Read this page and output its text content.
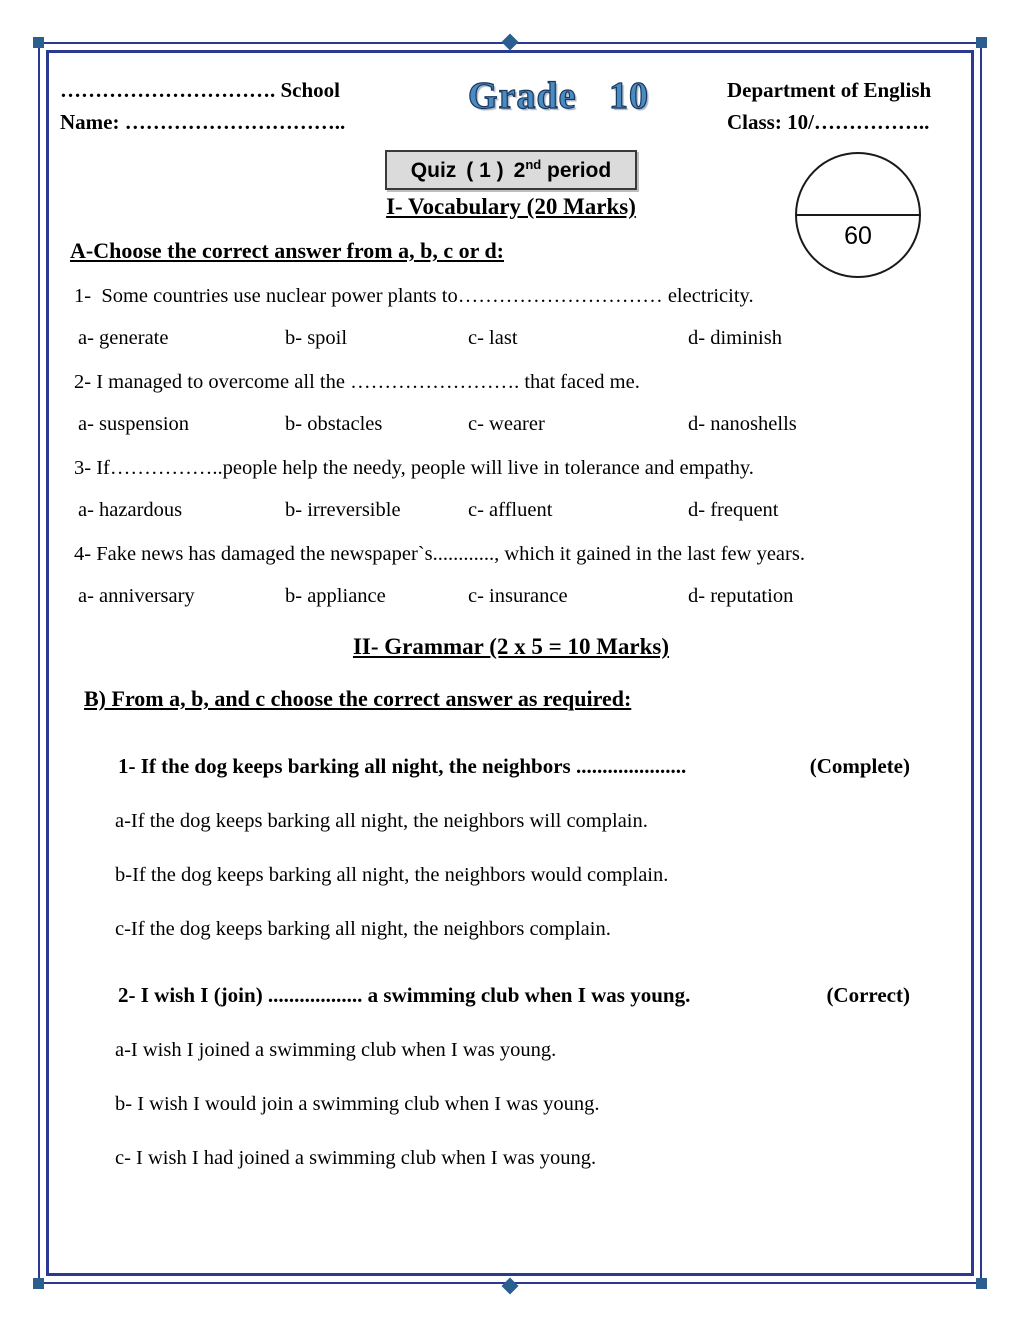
60
…………………………. School
Name: …………………………..
Grade 10	Department of English
Class: 10/……………..
Quiz ( 1 ) 2nd period
I- Vocabulary (20 Marks)
A-Choose the correct answer from a, b, c or d:
1-  Some countries use nuclear power plants to………………………… electricity.
a- generate	b- spoil	c- last	d- diminish
2- I managed to overcome all the ……………………. that faced me.
a- suspension	b- obstacles	c- wearer	d- nanoshells
3- If……………..people help the needy, people will live in tolerance and empathy.
a- hazardous	b- irreversible	c- affluent	d- frequent
4- Fake news has damaged the newspaper`s............, which it gained in the last few years.
a- anniversary	b- appliance	c- insurance	d- reputation
II- Grammar (2 x 5 = 10 Marks)
B) From a, b, and c choose the correct answer as required:
1- If the dog keeps barking all night, the neighbors .....................	(Complete)
a-If the dog keeps barking all night, the neighbors will complain.
b-If the dog keeps barking all night, the neighbors would complain.
c-If the dog keeps barking all night, the neighbors complain.
2- I wish I (join) .................. a swimming club when I was young.	(Correct)
a-I wish I joined a swimming club when I was young.
b- I wish I would join a swimming club when I was young.
c- I wish I had joined a swimming club when I was young.
